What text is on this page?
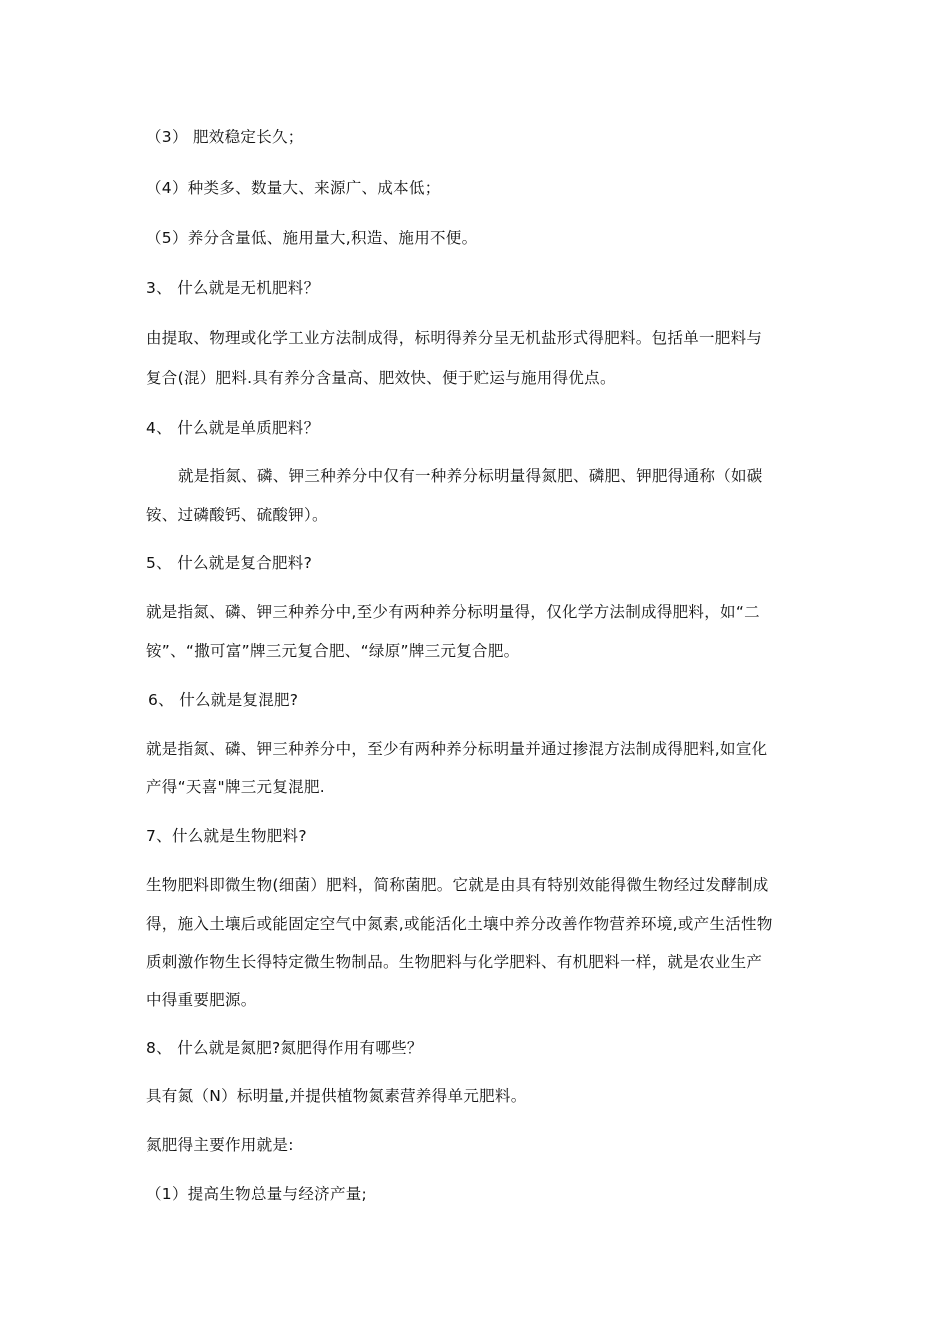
（3） 肥效稳定长久；
（4）种类多、数量大、来源广、成本低；
（5）养分含量低、施用量大,积造、施用不便。
3、 什么就是无机肥料？
由提取、物理或化学工业方法制成得，标明得养分呈无机盐形式得肥料。包括单一肥料与
复合(混）肥料.具有养分含量高、肥效快、便于贮运与施用得优点。
4、 什么就是单质肥料？
就是指氮、磷、钾三种养分中仅有一种养分标明量得氮肥、磷肥、钾肥得通称（如碳
铵、过磷酸钙、硫酸钾）。
5、 什么就是复合肥料?
就是指氮、磷、钾三种养分中,至少有两种养分标明量得，仅化学方法制成得肥料，如“二
铵”、“撒可富”牌三元复合肥、“绿原”牌三元复合肥。
6、 什么就是复混肥?
就是指氮、磷、钾三种养分中，至少有两种养分标明量并通过掺混方法制成得肥料,如宣化
产得“天喜"牌三元复混肥.
7、什么就是生物肥料?
生物肥料即微生物(细菌）肥料，简称菌肥。它就是由具有特别效能得微生物经过发酵制成
得，施入土壤后或能固定空气中氮素,或能活化土壤中养分改善作物营养环境,或产生活性物
质刺激作物生长得特定微生物制品。生物肥料与化学肥料、有机肥料一样，就是农业生产
中得重要肥源。
8、 什么就是氮肥?氮肥得作用有哪些？
具有氮（N）标明量,并提供植物氮素营养得单元肥料。
氮肥得主要作用就是:
（1）提高生物总量与经济产量;
